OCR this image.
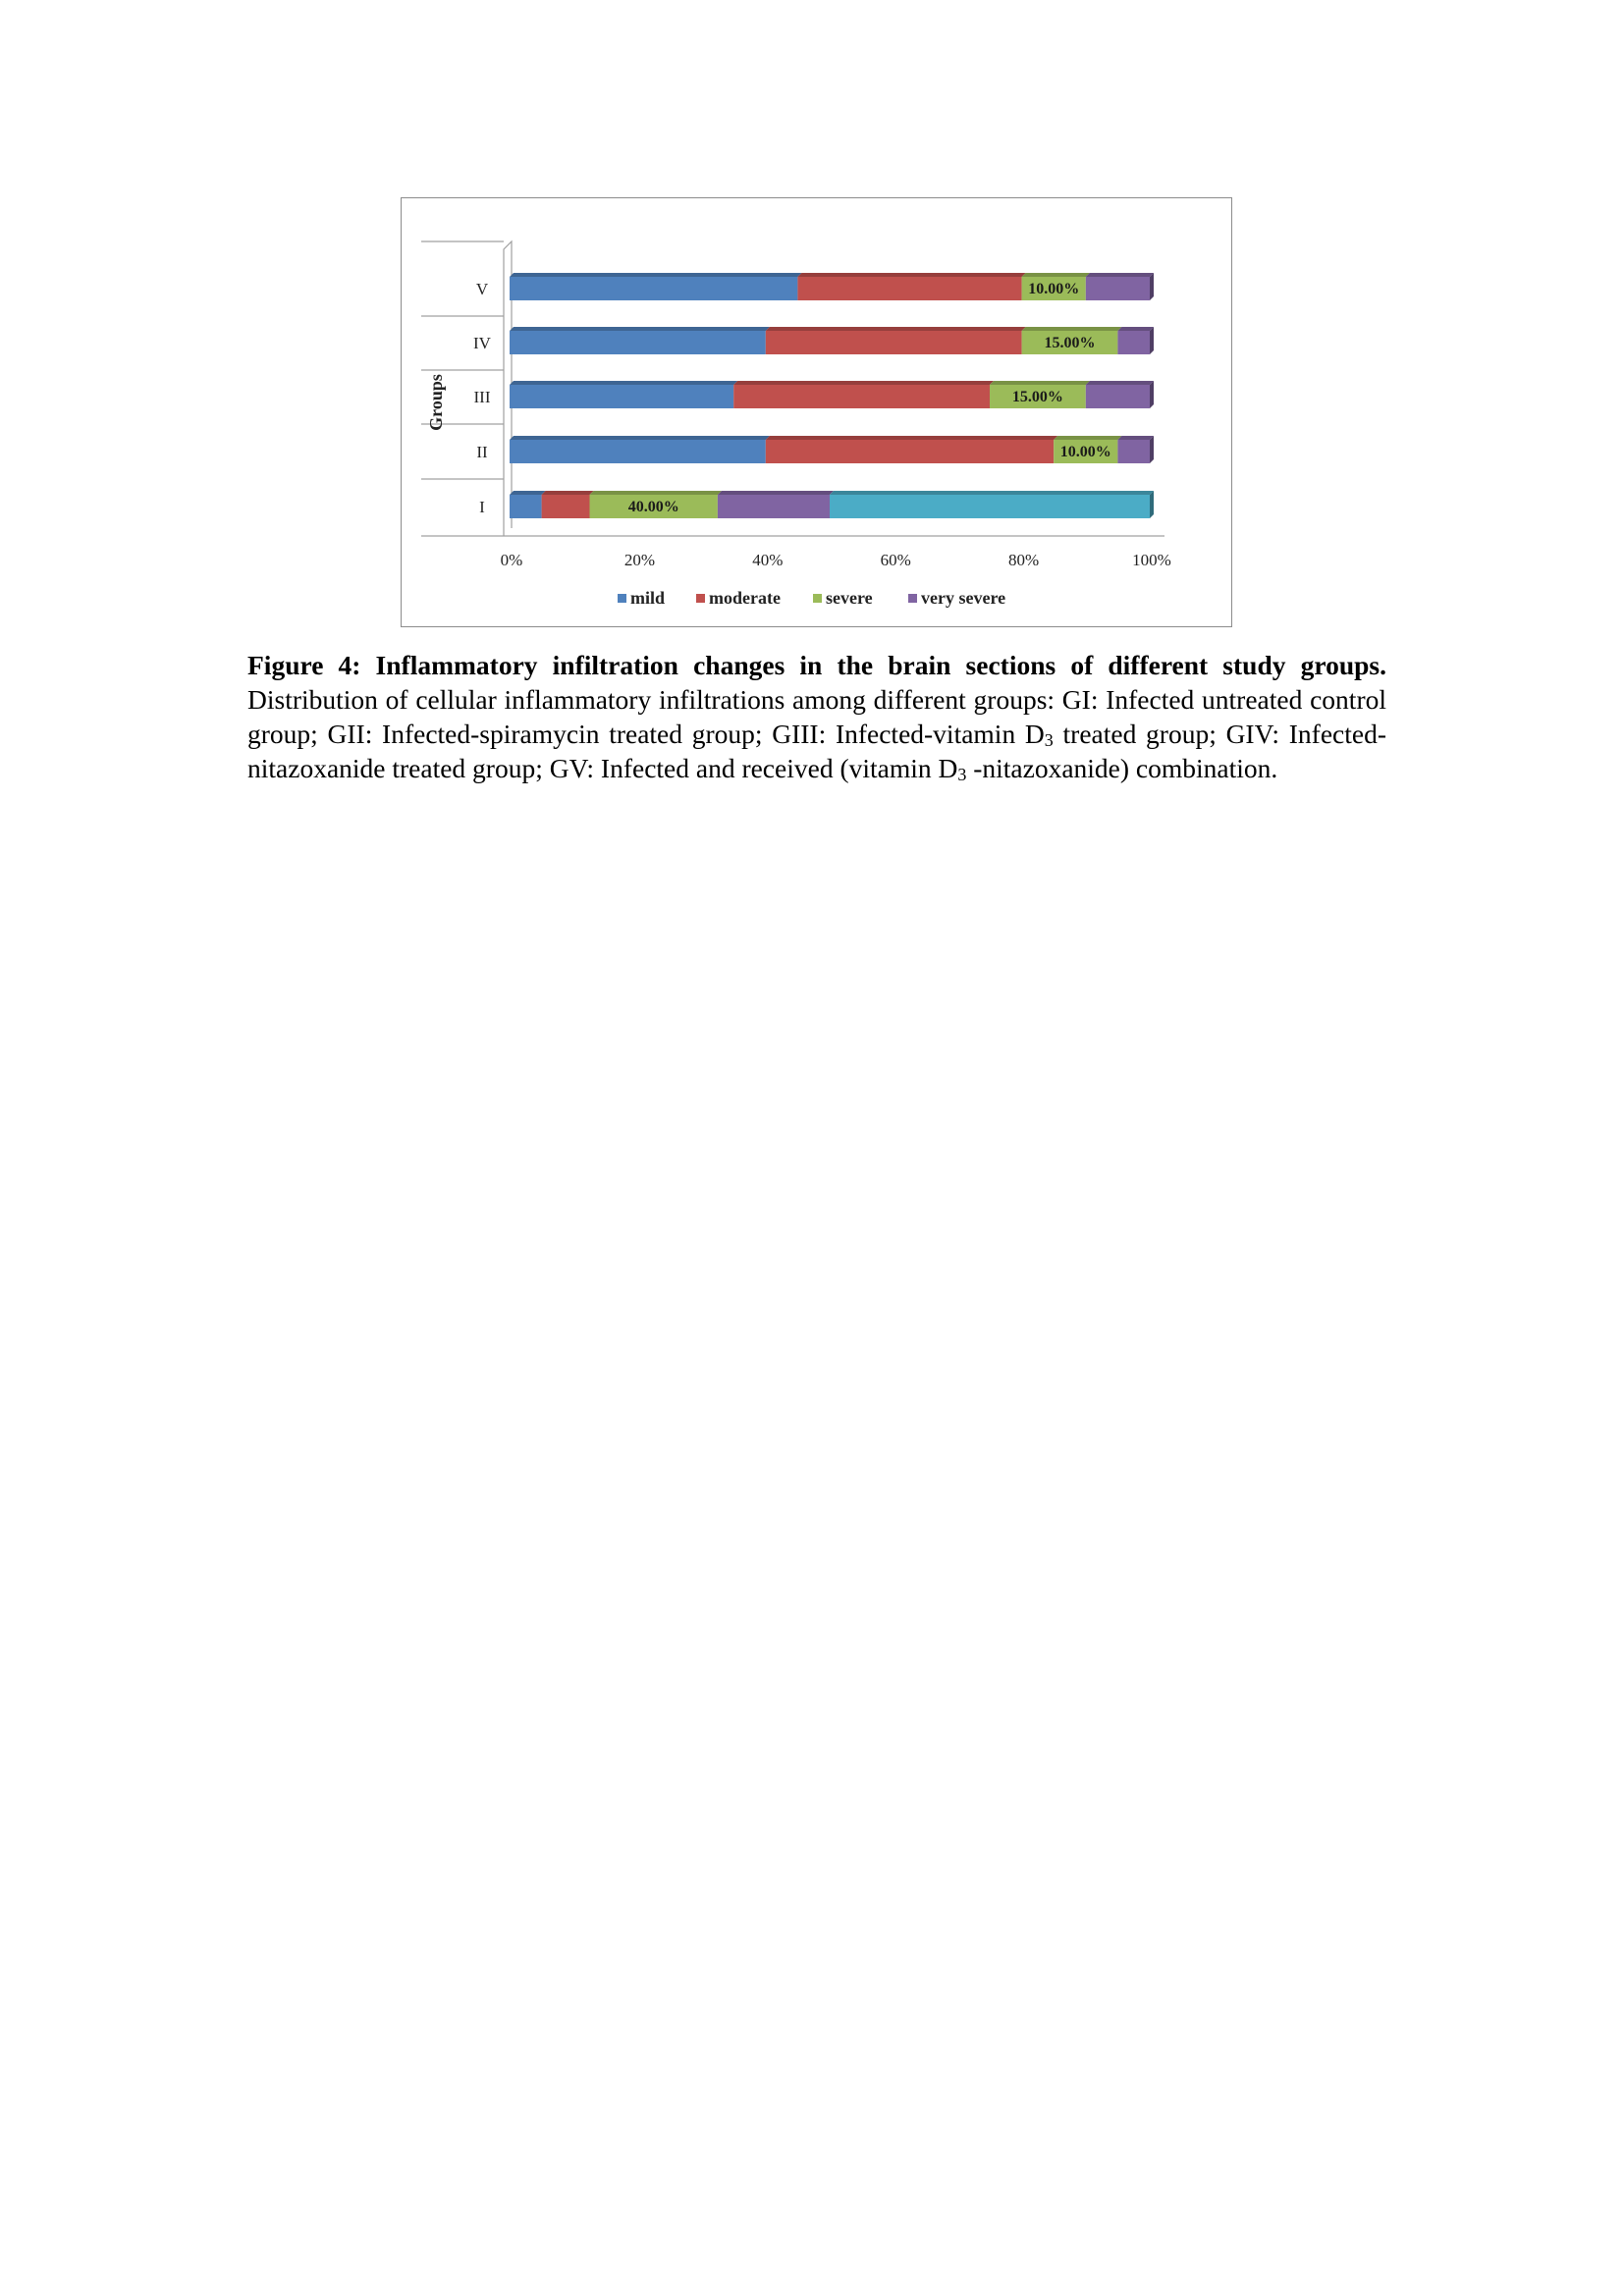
I
II
III
IV
V
0%	20%	40%	60%	80%	100%
40.00%
10.00%
15.00%
15.00%
10.00%
mild moderate	severe	very severe
Groups

Figure 4: Inflammatory infiltration changes in the brain sections of different study groups. Distribution of cellular inflammatory infiltrations among different groups: GI: Infected untreated control group; GII: Infected-spiramycin treated group; GIII: Infected-vitamin $D_3$ treated group; GIV: Infected-nitazoxanide treated group; GV: Infected and received (vitamin $D_3$ -nitazoxanide) combination.
